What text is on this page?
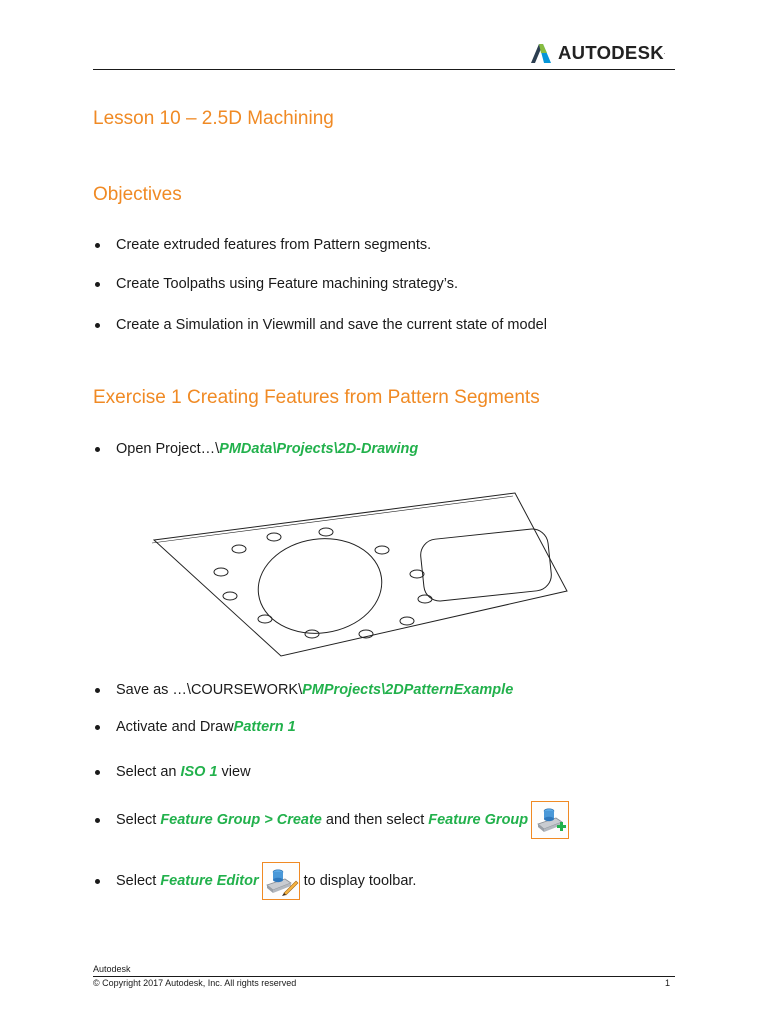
AUTODESK .
Lesson 10 – 2.5D Machining
Objectives
Create extruded features from Pattern segments.
Create Toolpaths using Feature machining strategy’s.
Create a Simulation in Viewmill and save the current state of model
Exercise 1 Creating Features from Pattern Segments
Open Project…\ PMData\Projects\2D-Drawing
Save as …\COURSEWORK\ PMProjects\2DPatternExample
Activate and Draw Pattern 1
Select an ISO 1 view
Select Feature Group > Create and then select Feature Group
Select Feature Editor	to display toolbar.
Autodesk
© Copyright 2017 Autodesk, Inc. All rights reserved	1
